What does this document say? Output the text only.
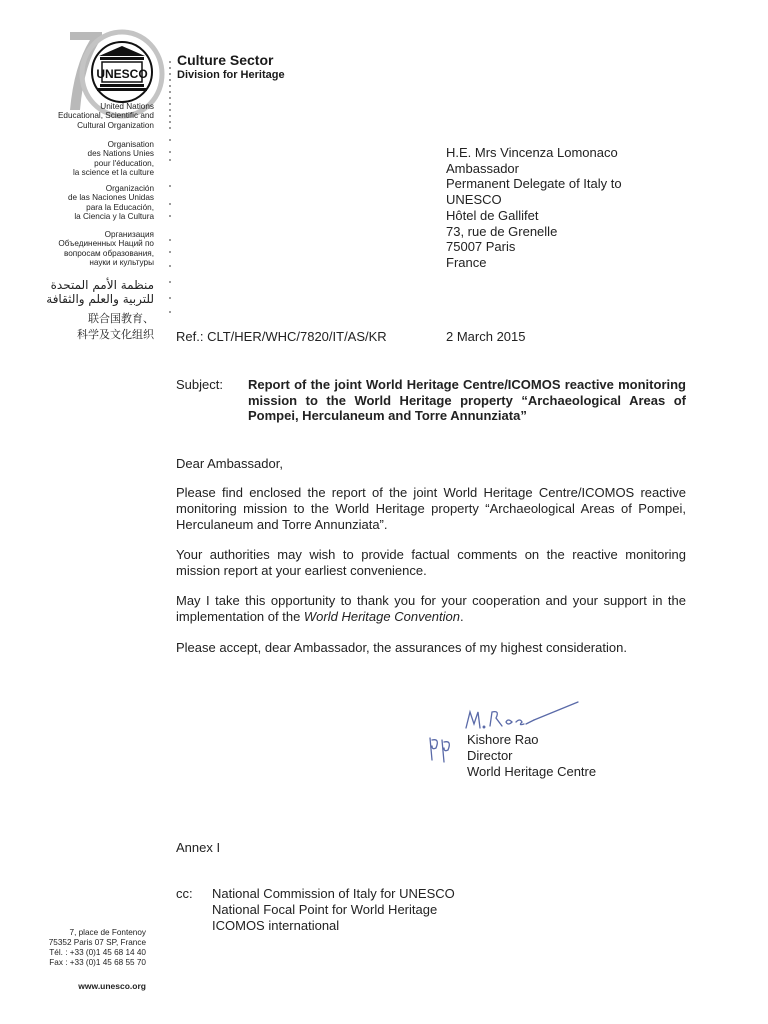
UNESCO
Culture Sector
Division for Heritage
United Nations
Educational, Scientific and
Cultural Organization
Organisation
des Nations Unies
pour l'éducation,
la science et la culture
Organización
de las Naciones Unidas
para la Educación,
la Ciencia y la Cultura
Организация
Объединенных Наций по
вопросам образования,
науки и культуры
منظمة الأمم المتحدة
للتربية والعلم والثقافة
联合国教育、
科学及文化组织
H.E. Mrs Vincenza Lomonaco
Ambassador
Permanent Delegate of Italy to
UNESCO
Hôtel de Gallifet
73, rue de Grenelle
75007 Paris
France
Ref.: CLT/HER/WHC/7820/IT/AS/KR	2 March 2015
Subject: Report of the joint World Heritage Centre/ICOMOS reactive monitoring mission to the World Heritage property “Archaeological Areas of Pompei, Herculaneum and Torre Annunziata”
Dear Ambassador,
Please find enclosed the report of the joint World Heritage Centre/ICOMOS reactive monitoring mission to the World Heritage property “Archaeological Areas of Pompei, Herculaneum and Torre Annunziata”.
Your authorities may wish to provide factual comments on the reactive monitoring mission report at your earliest convenience.
May I take this opportunity to thank you for your cooperation and your support in the implementation of the World Heritage Convention.
Please accept, dear Ambassador, the assurances of my highest consideration.
Kishore Rao
Director
World Heritage Centre
Annex I
cc: National Commission of Italy for UNESCO
National Focal Point for World Heritage
ICOMOS international
7, place de Fontenoy
75352 Paris 07 SP, France
Tél. : +33 (0)1 45 68 14 40
Fax : +33 (0)1 45 68 55 70
www.unesco.org
